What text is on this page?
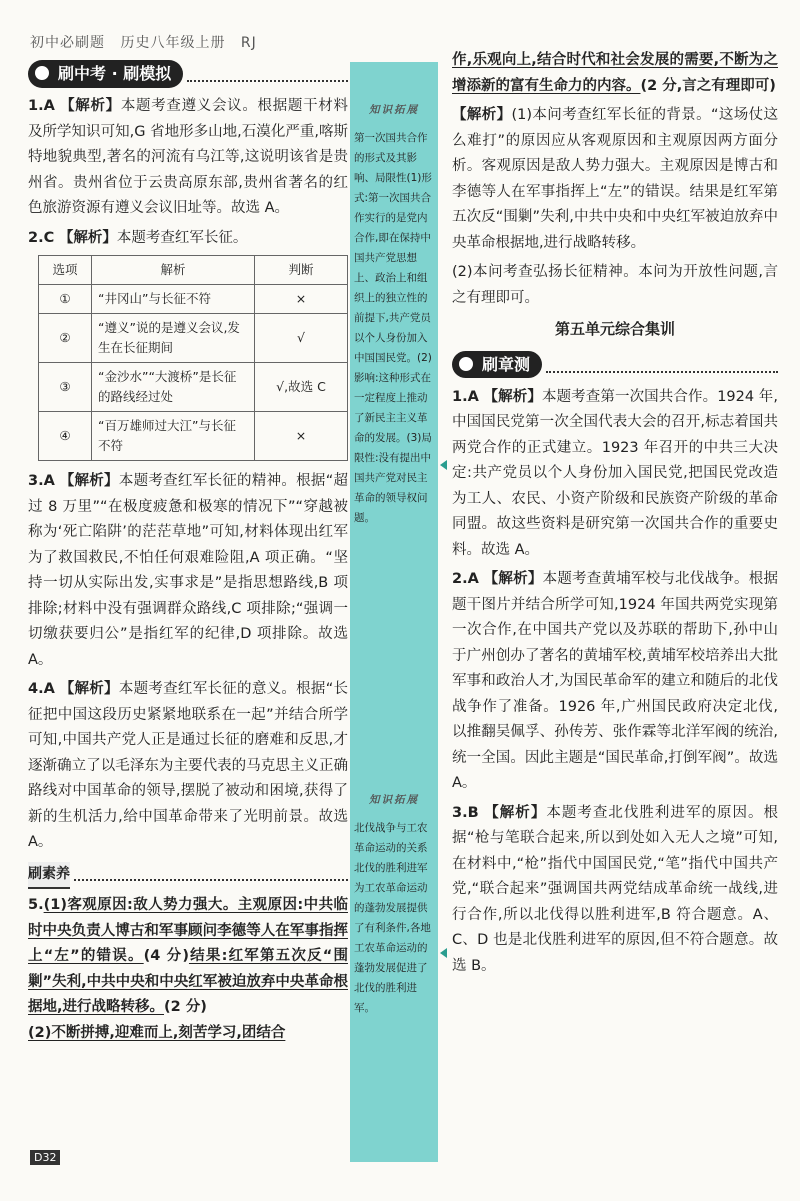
初中必刷题 历史八年级上册 RJ
知识拓展
第一次国共合作的形式及其影响、局限性(1)形式:第一次国共合作实行的是党内合作,即在保持中国共产党思想上、政治上和组织上的独立性的前提下,共产党员以个人身份加入中国国民党。(2)影响:这种形式在一定程度上推动了新民主主义革命的发展。(3)局限性:没有提出中国共产党对民主革命的领导权问题。
知识拓展
北伐战争与工农革命运动的关系北伐的胜利进军为工农革命运动的蓬勃发展提供了有利条件,各地工农革命运动的蓬勃发展促进了北伐的胜利进军。
刷中考 · 刷模拟

1.A 【解析】本题考查遵义会议。根据题干材料及所学知识可知,G 省地形多山地,石漠化严重,喀斯特地貌典型,著名的河流有乌江等,这说明该省是贵州省。贵州省位于云贵高原东部,贵州省著名的红色旅游资源有遵义会议旧址等。故选 A。

2.C 【解析】本题考查红军长征。

选项	解析	判断
①	“井冈山”与长征不符	×
②	“遵义”说的是遵义会议,发生在长征期间	√
③	“金沙水”“大渡桥”是长征的路线经过处	√,故选 C
④	“百万雄师过大江”与长征不符	×

3.A 【解析】本题考查红军长征的精神。根据“超过 8 万里”“在极度疲惫和极寒的情况下”“穿越被称为‘死亡陷阱’的茫茫草地”可知,材料体现出红军为了救国救民,不怕任何艰难险阻,A 项正确。“坚持一切从实际出发,实事求是”是指思想路线,B 项排除;材料中没有强调群众路线,C 项排除;“强调一切缴获要归公”是指红军的纪律,D 项排除。故选 A。

4.A 【解析】本题考查红军长征的意义。根据“长征把中国这段历史紧紧地联系在一起”并结合所学可知,中国共产党人正是通过长征的磨难和反思,才逐渐确立了以毛泽东为主要代表的马克思主义正确路线对中国革命的领导,摆脱了被动和困境,获得了新的生机活力,给中国革命带来了光明前景。故选 A。

刷素养

5.(1)客观原因:敌人势力强大。主观原因:中共临时中央负责人博古和军事顾问李德等人在军事指挥上“左”的错误。(4 分)结果:红军第五次反“围剿”失利,中共中央和中央红军被迫放弃中央革命根据地,进行战略转移。(2 分)
(2)不断拼搏,迎难而上,刻苦学习,团结合

作,乐观向上,结合时代和社会发展的需要,不断为之增添新的富有生命力的内容。(2 分,言之有理即可)

【解析】(1)本问考查红军长征的背景。“这场仗这么难打”的原因应从客观原因和主观原因两方面分析。客观原因是敌人势力强大。主观原因是博古和李德等人在军事指挥上“左”的错误。结果是红军第五次反“围剿”失利,中共中央和中央红军被迫放弃中央革命根据地,进行战略转移。

(2)本问考查弘扬长征精神。本问为开放性问题,言之有理即可。

第五单元综合集训
刷章测

1.A 【解析】本题考查第一次国共合作。1924 年,中国国民党第一次全国代表大会的召开,标志着国共两党合作的正式建立。1923 年召开的中共三大决定:共产党员以个人身份加入国民党,把国民党改造为工人、农民、小资产阶级和民族资产阶级的革命同盟。故这些资料是研究第一次国共合作的重要史料。故选 A。

2.A 【解析】本题考查黄埔军校与北伐战争。根据题干图片并结合所学可知,1924 年国共两党实现第一次合作,在中国共产党以及苏联的帮助下,孙中山于广州创办了著名的黄埔军校,黄埔军校培养出大批军事和政治人才,为国民革命军的建立和随后的北伐战争作了准备。1926 年,广州国民政府决定北伐,以推翻吴佩孚、孙传芳、张作霖等北洋军阀的统治,统一全国。因此主题是“国民革命,打倒军阀”。故选 A。

3.B 【解析】本题考查北伐胜利进军的原因。根据“枪与笔联合起来,所以到处如入无人之境”可知,在材料中,“枪”指代中国国民党,“笔”指代中国共产党,“联合起来”强调国共两党结成革命统一战线,进行合作,所以北伐得以胜利进军,B 符合题意。A、C、D 也是北伐胜利进军的原因,但不符合题意。故选 B。

D32
